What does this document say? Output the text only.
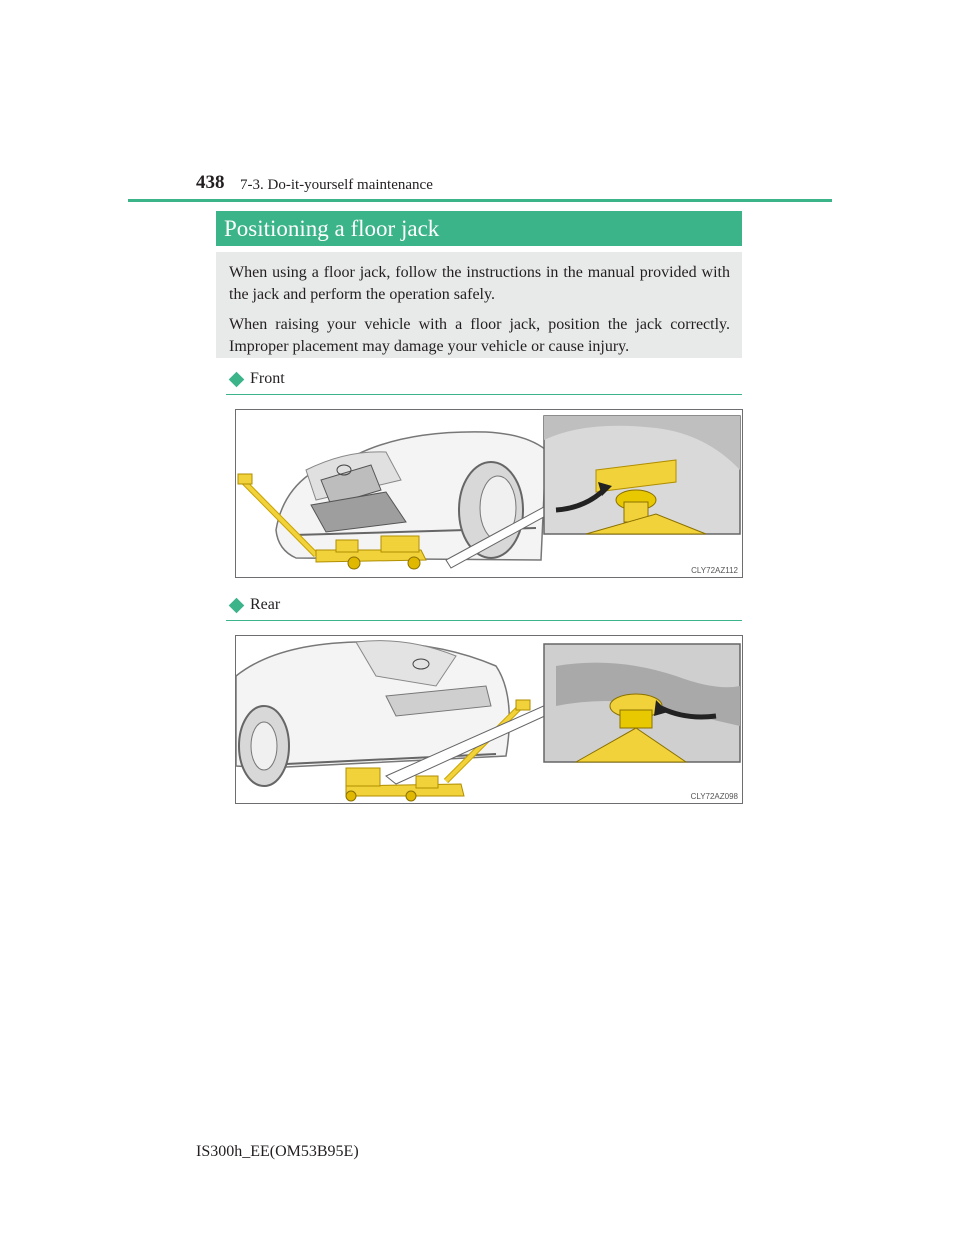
438 7-3. Do-it-yourself maintenance
Positioning a floor jack

When using a floor jack, follow the instructions in the manual provided with the jack and perform the operation safely.

When raising your vehicle with a floor jack, position the jack correctly. Improper placement may damage your vehicle or cause injury.

Front
CLY72AZ112
Rear
CLY72AZ098
IS300h_EE(OM53B95E)
